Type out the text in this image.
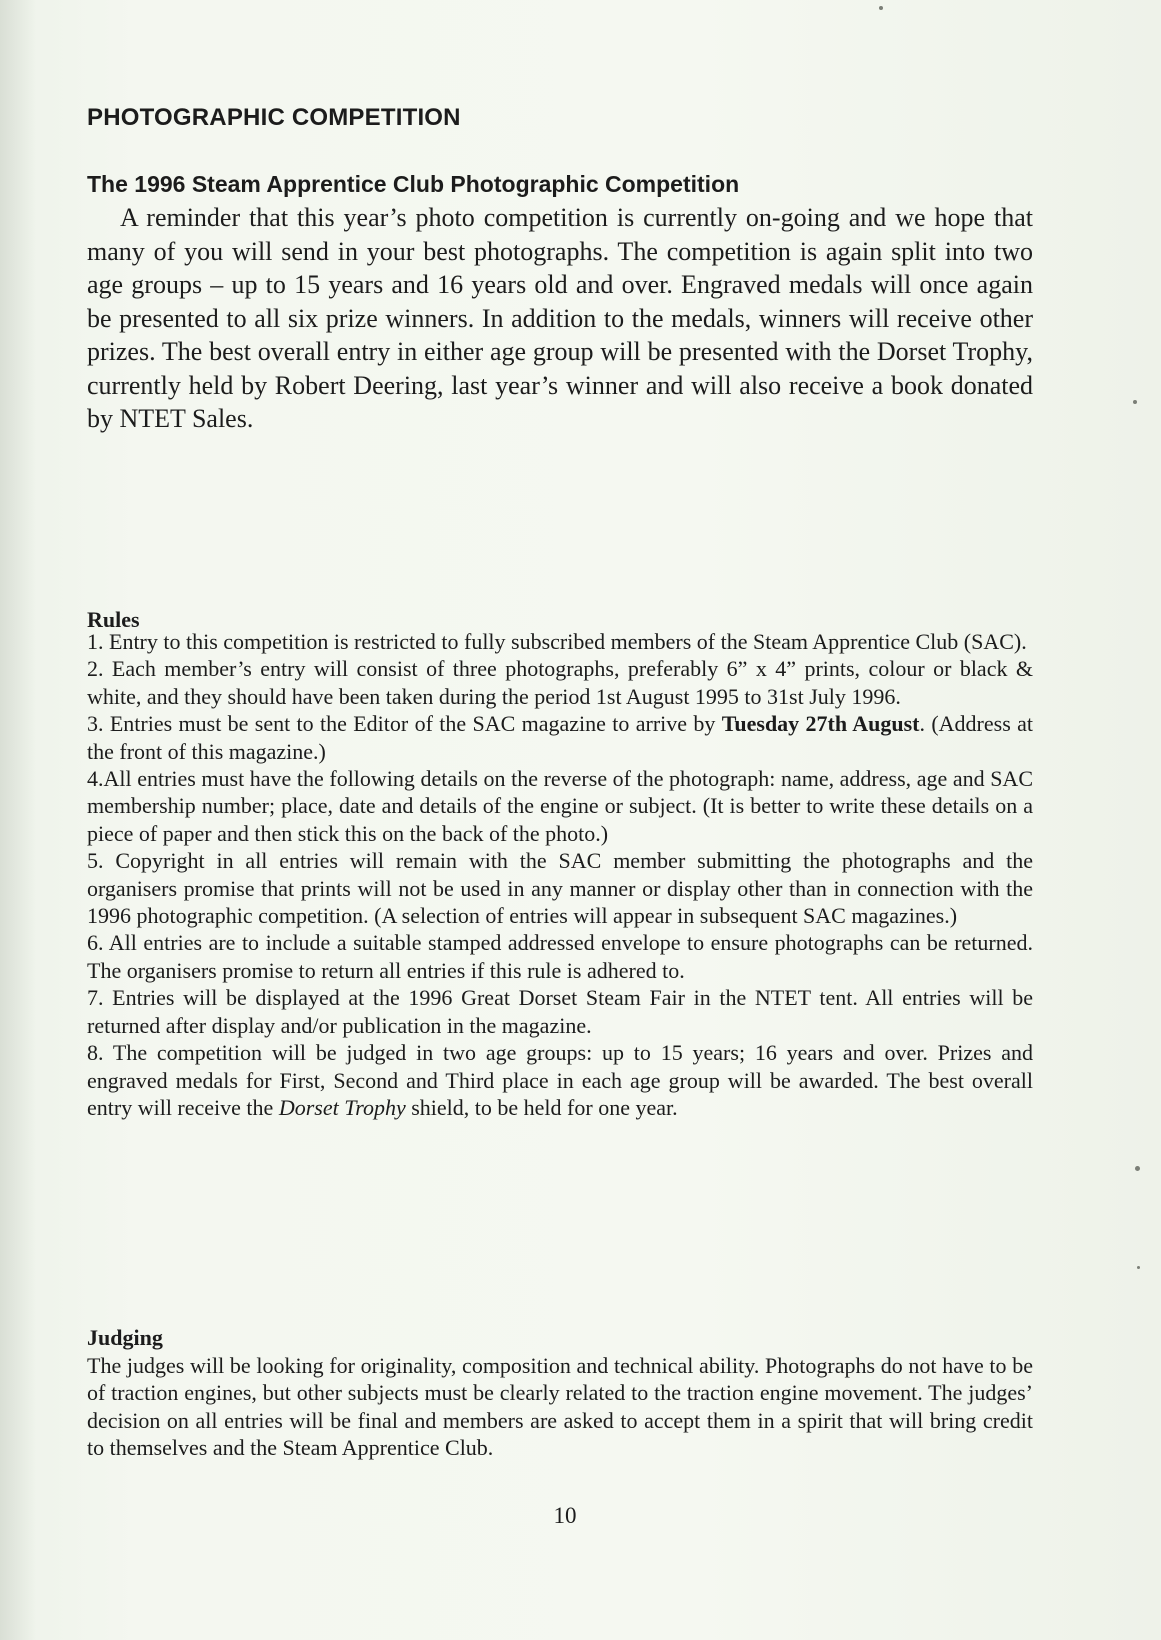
PHOTOGRAPHIC COMPETITION
The 1996 Steam Apprentice Club Photographic Competition

A reminder that this year’s photo competition is currently on-going and we hope that many of you will send in your best photographs. The competition is again split into two age groups – up to 15 years and 16 years old and over. Engraved medals will once again be presented to all six prize winners. In addition to the medals, winners will receive other prizes. The best overall entry in either age group will be presented with the Dorset Trophy, currently held by Robert Deering, last year’s winner and will also receive a book donated by NTET Sales.

Rules
1. Entry to this competition is restricted to fully subscribed members of the Steam Apprentice Club (SAC).
2. Each member’s entry will consist of three photographs, preferably 6” x 4” prints, colour or black & white, and they should have been taken during the period 1st August 1995 to 31st July 1996.
3. Entries must be sent to the Editor of the SAC magazine to arrive by Tuesday 27th August. (Address at the front of this magazine.)
4.All entries must have the following details on the reverse of the photograph: name, address, age and SAC membership number; place, date and details of the engine or subject. (It is better to write these details on a piece of paper and then stick this on the back of the photo.)
5. Copyright in all entries will remain with the SAC member submitting the photographs and the organisers promise that prints will not be used in any manner or display other than in connection with the 1996 photographic competition. (A selection of entries will appear in subsequent SAC magazines.)
6. All entries are to include a suitable stamped addressed envelope to ensure photographs can be returned. The organisers promise to return all entries if this rule is adhered to.
7. Entries will be displayed at the 1996 Great Dorset Steam Fair in the NTET tent. All entries will be returned after display and/or publication in the magazine.
8. The competition will be judged in two age groups: up to 15 years; 16 years and over. Prizes and engraved medals for First, Second and Third place in each age group will be awarded. The best overall entry will receive the Dorset Trophy shield, to be held for one year.
Judging

The judges will be looking for originality, composition and technical ability. Photographs do not have to be of traction engines, but other subjects must be clearly related to the traction engine movement. The judges’ decision on all entries will be final and members are asked to accept them in a spirit that will bring credit to themselves and the Steam Apprentice Club.

10
